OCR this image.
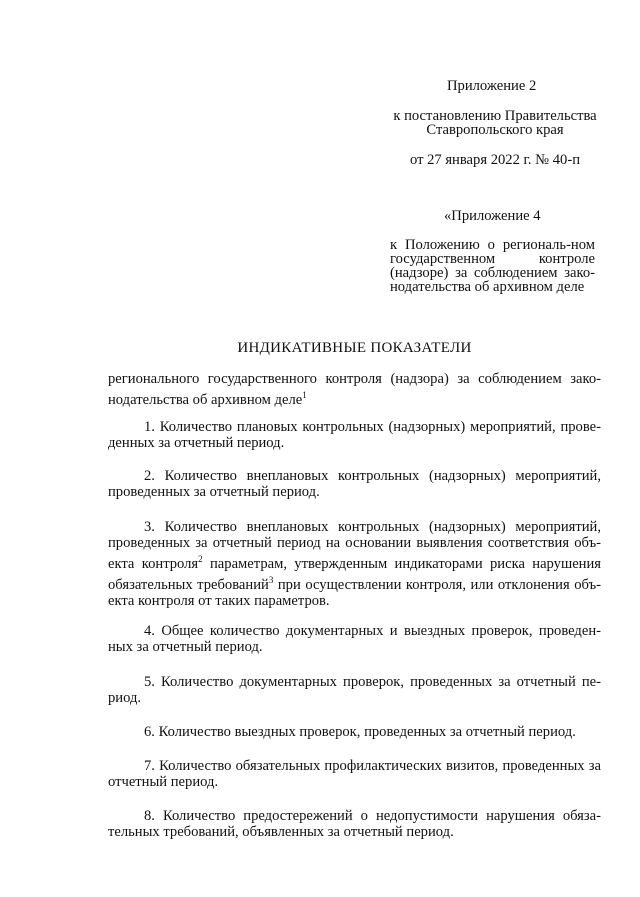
Приложение 2
к постановлению Правительства
Ставропольского края
от 27 января 2022 г. № 40-п
«Приложение 4
к Положению о региональ-ном государственном контроле (надзоре) за соблюдением зако-нодательства об архивном деле
ИНДИКАТИВНЫЕ ПОКАЗАТЕЛИ
регионального государственного контроля (надзора) за соблюдением зако-нодательства об архивном деле$^1$
1. Количество плановых контрольных (надзорных) мероприятий, прове-денных за отчетный период.
2. Количество внеплановых контрольных (надзорных) мероприятий, проведенных за отчетный период.
3. Количество внеплановых контрольных (надзорных) мероприятий, проведенных за отчетный период на основании выявления соответствия объ-екта контроля$^2$ параметрам, утвержденным индикаторами риска нарушения обязательных требований$^3$ при осуществлении контроля, или отклонения объ-екта контроля от таких параметров.
4. Общее количество документарных и выездных проверок, проведен-ных за отчетный период.
5. Количество документарных проверок, проведенных за отчетный пе-риод.
6. Количество выездных проверок, проведенных за отчетный период.
7. Количество обязательных профилактических визитов, проведенных за отчетный период.
8. Количество предостережений о недопустимости нарушения обяза-тельных требований, объявленных за отчетный период.
